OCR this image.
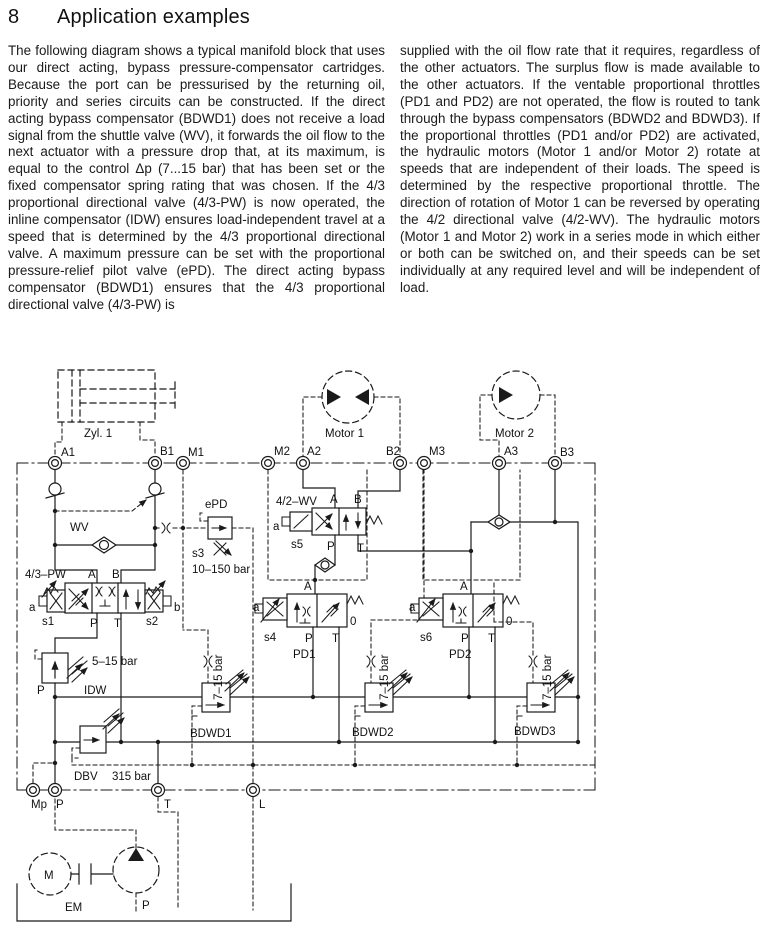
8 Application examples

The following diagram shows a typical manifold block that uses our direct acting, bypass pressure-compensator cartridges. Because the port can be pressurised by the returning oil, priority and series circuits can be constructed. If the direct acting bypass compensator (BDWD1) does not receive a load signal from the shuttle valve (WV), it forwards the oil flow to the next actuator with a pressure drop that, at its maximum, is equal to the control Δp (7...15 bar) that has been set or the fixed compensator spring rating that was chosen. If the 4/3 proportional directional valve (4/3-PW) is now operated, the inline compensator (IDW) ensures load-independent travel at a speed that is determined by the 4/3 proportional directional valve. A maximum pressure can be set with the proportional pressure-relief pilot valve (ePD). The direct acting bypass compensator (BDWD1) ensures that the 4/3 proportional directional valve (4/3-PW) is

supplied with the oil flow rate that it requires, regardless of the other actuators. The surplus flow is made available to the other actuators. If the ventable proportional throttles (PD1 and PD2) are not operated, the flow is routed to tank through the bypass compensators (BDWD2 and BDWD3). If the proportional throttles (PD1 and/or PD2) are activated, the hydraulic motors (Motor 1 and/or Motor 2) rotate at speeds that are independent of their loads. The speed is determined by the respective proportional throttle. The direction of rotation of Motor 1 can be reversed by operating the 4/2 directional valve (4/2-WV). The hydraulic motors (Motor 1 and Motor 2) work in a series mode in which either or both can be switched on, and their speeds can be set individually at any required level and will be independent of load.

Zyl. 1	Motor 1	Motor 2
A1	B1 M1	M2 A2	B2	M3	A3	B3
WV
ePD
s3
10–150 bar
4/3–PW A B
a
s1	P T s2
b
5–15 bar
P	IDW
DBV 315 bar
BDWD1
7–15 bar
4/2–WV A B
a
s5 P T
A
a
s4	P T
0
PD1	7–15 bar
BDWD2
A
a
s6	P T
0
PD2	7–15 bar
BDWD3
Mp P	T	L
M
EM	P
